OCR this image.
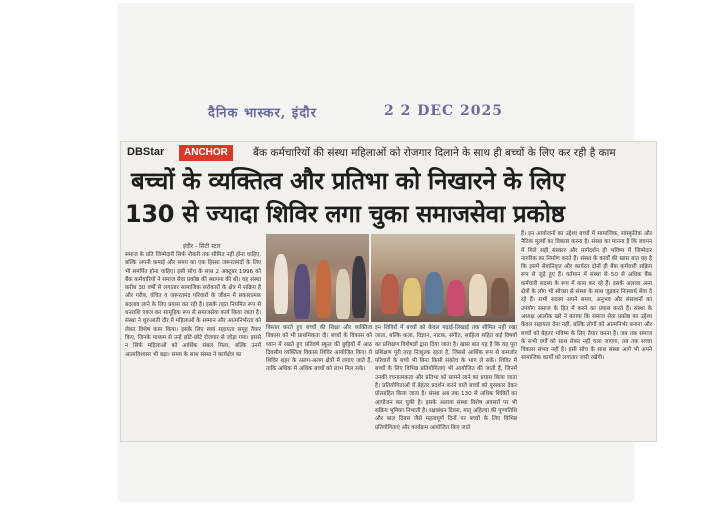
दैनिक भास्कर, इंदौर	2 2 DEC 2025
DBStar	ANCHOR	बैंक कर्मचारियों की संस्था महिलाओं को रोजगार दिलाने के साथ ही बच्चों के लिए कर रही है काम
बच्चों के व्यक्तित्व और प्रतिभा को निखारने के लिए
130 से ज्यादा शिविर लगा चुका समाजसेवा प्रकोष्ठ
इंदौर - सिटी स्टार
समाज के प्रति जिम्मेदारी सिर्फ नौकरी तक सीमित नहीं होना चाहिए, बल्कि अपनी कमाई और समय का एक हिस्सा जरूरतमंदों के लिए भी समर्पित होना चाहिए। इसी सोच के साथ 2 अक्टूबर 1996 को बैंक कर्मचारियों ने समाज सेवा प्रकोष्ठ की स्थापना की थी। यह संस्था करीब 30 वर्षों से लगातार सामाजिक सरोकारों के क्षेत्र में सक्रिय है और गरीब, वंचित व जरूरतमंद परिवारों के जीवन में सकारात्मक बदलाव लाने के लिए प्रयास कर रही है। इसके तहत नियमित रूप से धनराशि एकत्र कर सामूहिक रूप से समाजसेवा कार्य किया जाता है। संस्था ने शुरुआती दौर में महिलाओं के सम्मान और आत्मनिर्भरता को लेकर विशेष काम किया। इसके लिए स्वयं सहायता समूह तैयार किए, जिनके माध्यम से उन्हें छोटे-छोटे रोजगार से जोड़ा गया। इससे न सिर्फ महिलाओं को आर्थिक संबल मिला, बल्कि उनमें आत्मविश्वास भी बढ़ा। समय के साथ संस्था ने कार्यक्षेत्र का
विस्तार करते हुए बच्चों की शिक्षा और व्यक्तित्व विकास को भी प्राथमिकता दी। बच्चों के विकास को ध्यान में रखते हुए प्रतिवर्ष स्कूल की छुट्टियों में आठ दिवसीय व्यक्तित्व विकास शिविर आयोजित किए। ये शिविर शहर के अलग-अलग क्षेत्रों में लगाए जाते हैं, ताकि अधिक से अधिक बच्चों को लाभ मिल सके।
इन शिविरों में बच्चों को केवल पढ़ाई-लिखाई तक सीमित नहीं रखा जाता, बल्कि कला, विज्ञान, नाटक, संगीत, साहित्य सहित कई विषयों का प्रशिक्षण विशेषज्ञों द्वारा दिया जाता है। खास बात यह है कि यह पूरा प्रशिक्षण पूरी तरह निःशुल्क रहता है, जिससे आर्थिक रूप से कमजोर परिवारों के बच्चे भी बिना किसी संकोच के भाग ले सकें। शिविर में बच्चों के लिए विभिन्न प्रतियोगिताएं भी आयोजित की जाती हैं, जिनमें उनकी रचनात्मकता और प्रतिभा को सामने लाने का प्रयास किया जाता है। प्रतियोगिताओं में बेहतर प्रदर्शन करने वाले बच्चों को पुरस्कार देकर प्रोत्साहित किया जाता है। संस्था अब तक 130 से अधिक शिविरों का आयोजन कर चुकी है। इसके अलावा संस्था विशेष अवसरों पर भी सक्रिय भूमिका निभाती है। रक्षाबंधन दिवस, मातृ अहिल्या की पुण्यतिथि और बाल दिवस जैसे महत्वपूर्ण दिनों पर बच्चों के लिए विभिन्न प्रतियोगिताएं और कार्यक्रम आयोजित किए जाते
हैं। इन आयोजनों का उद्देश्य बच्चों में सामाजिक, सांस्कृतिक और नैतिक मूल्यों का विकास करना है। संस्था का मानना है कि बचपन में मिले सही संस्कार और मार्गदर्शन ही भविष्य में जिम्मेदार नागरिक का निर्माण करते हैं। संस्था के कार्यों की खास बात यह है कि इसमें सेवानिवृत्त और कार्यरत दोनों ही बैंक कर्मचारी सक्रिय रूप से जुड़े हुए हैं। वर्तमान में संस्था से 50 से अधिक बैंक कर्मचारी सदस्य के रूप में काम कर रहे हैं। इसके अलावा अन्य क्षेत्रों के लोग भी स्वेच्छा से संस्था के साथ जुड़कर निःस्वार्थ सेवा दे रहे हैं। सभी सदस्य अपने समय, अनुभव और संसाधनों का उपयोग समाज के हित में करने का प्रयास करते हैं। संस्था के अध्यक्ष आलोक खरे ने बताया कि समाज सेवा प्रकोष्ठ का उद्देश्य केवल सहायता देना नहीं, बल्कि लोगों को आत्मनिर्भर बनाना और बच्चों को बेहतर भविष्य के लिए तैयार करना है। जब तक समाज के सभी वर्गों को साथ लेकर नहीं चला जाएगा, तब तक सच्चा विकास संभव नहीं है। इसी सोच के साथ संस्था आगे भी अपने सामाजिक कार्यों को लगातार जारी रखेगी।
